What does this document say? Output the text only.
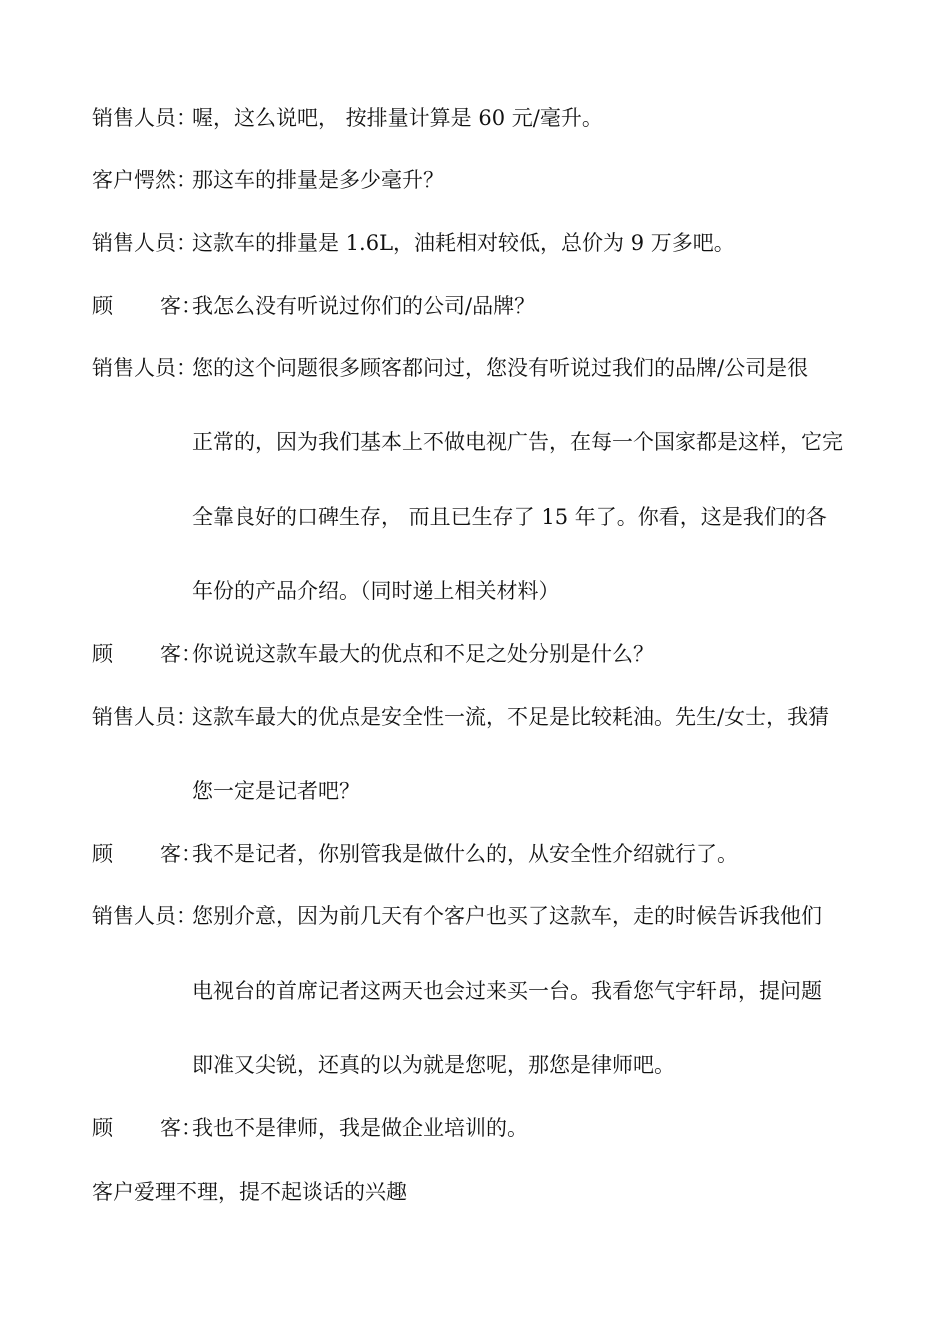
销售人员：喔，这么说吧， 按排量计算是 60 元/毫升。
客户愕然：那这车的排量是多少毫升？
销售人员：这款车的排量是 1.6L，油耗相对较低，总价为 9 万多吧。
顾 客：我怎么没有听说过你们的公司/品牌？
销售人员：您的这个问题很多顾客都问过，您没有听说过我们的品牌/公司是很
正常的，因为我们基本上不做电视广告，在每一个国家都是这样，它完
全靠良好的口碑生存， 而且已生存了 15 年了。你看，这是我们的各
年份的产品介绍。（同时递上相关材料）
顾 客：你说说这款车最大的优点和不足之处分别是什么？
销售人员：这款车最大的优点是安全性一流，不足是比较耗油。先生/女士，我猜
您一定是记者吧？
顾 客：我不是记者，你别管我是做什么的，从安全性介绍就行了。
销售人员：您别介意，因为前几天有个客户也买了这款车，走的时候告诉我他们
电视台的首席记者这两天也会过来买一台。我看您气宇轩昂，提问题
即准又尖锐，还真的以为就是您呢，那您是律师吧。
顾 客：我也不是律师，我是做企业培训的。
客户爱理不理，提不起谈话的兴趣
